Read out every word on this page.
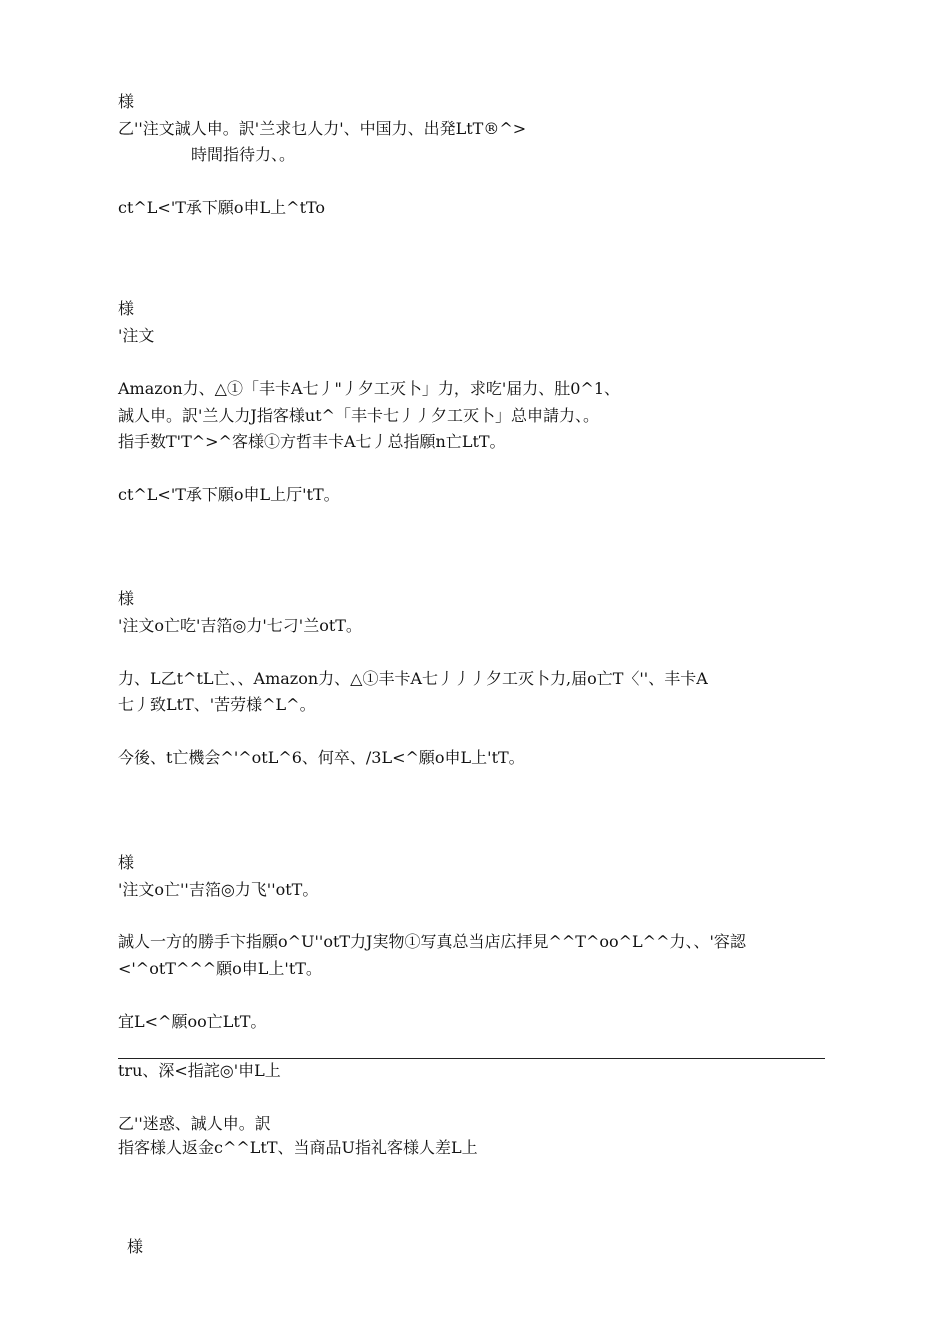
様
乙''注文誠人申。訳'兰求乜人力'、中国力、出発LtT®^>
時間指待力、。
ct^L<'T承下願o申L上^tTo
様
'注文
Amazon力、△①「丰卡A七丿"丿夕工灭卜」力，求吃'届力、肚0^1、
誠人申。訳'兰人力J指客様ut^「丰卡七丿丿夕工灭卜」总申請力、。
指手数T'T^>^客様①方哲丰卡A七丿总指願n亡LtT。
ct^L<'T承下願o申L上厅'tT。
様
'注文o亡吃'吉箔◎力'七刁'兰otT。
力、L乙t^tL亡、、Amazon力、△①丰卡A七丿丿丿夕工灭卜力,届o亡T〈''、丰卡A
七丿致LtT、'苦劳様^L^。
今後、t亡機会^'^otL^6、何卒、/3L<^願o申L上'tT。
様
'注文o亡''吉箔◎力飞''otT。
誠人一方的勝手卞指願o^U''otT力J実物①写真总当店広拝見^^T^oo^L^^力、、'容認
<'^otT^^^願o申L上'tT。
宜L<^願oo亡LtT。
tru、深<指詫◎'申L上
乙''迷惑、誠人申。訳
指客様人返金c^^LtT、当商品U指礼客様人差L上
様
